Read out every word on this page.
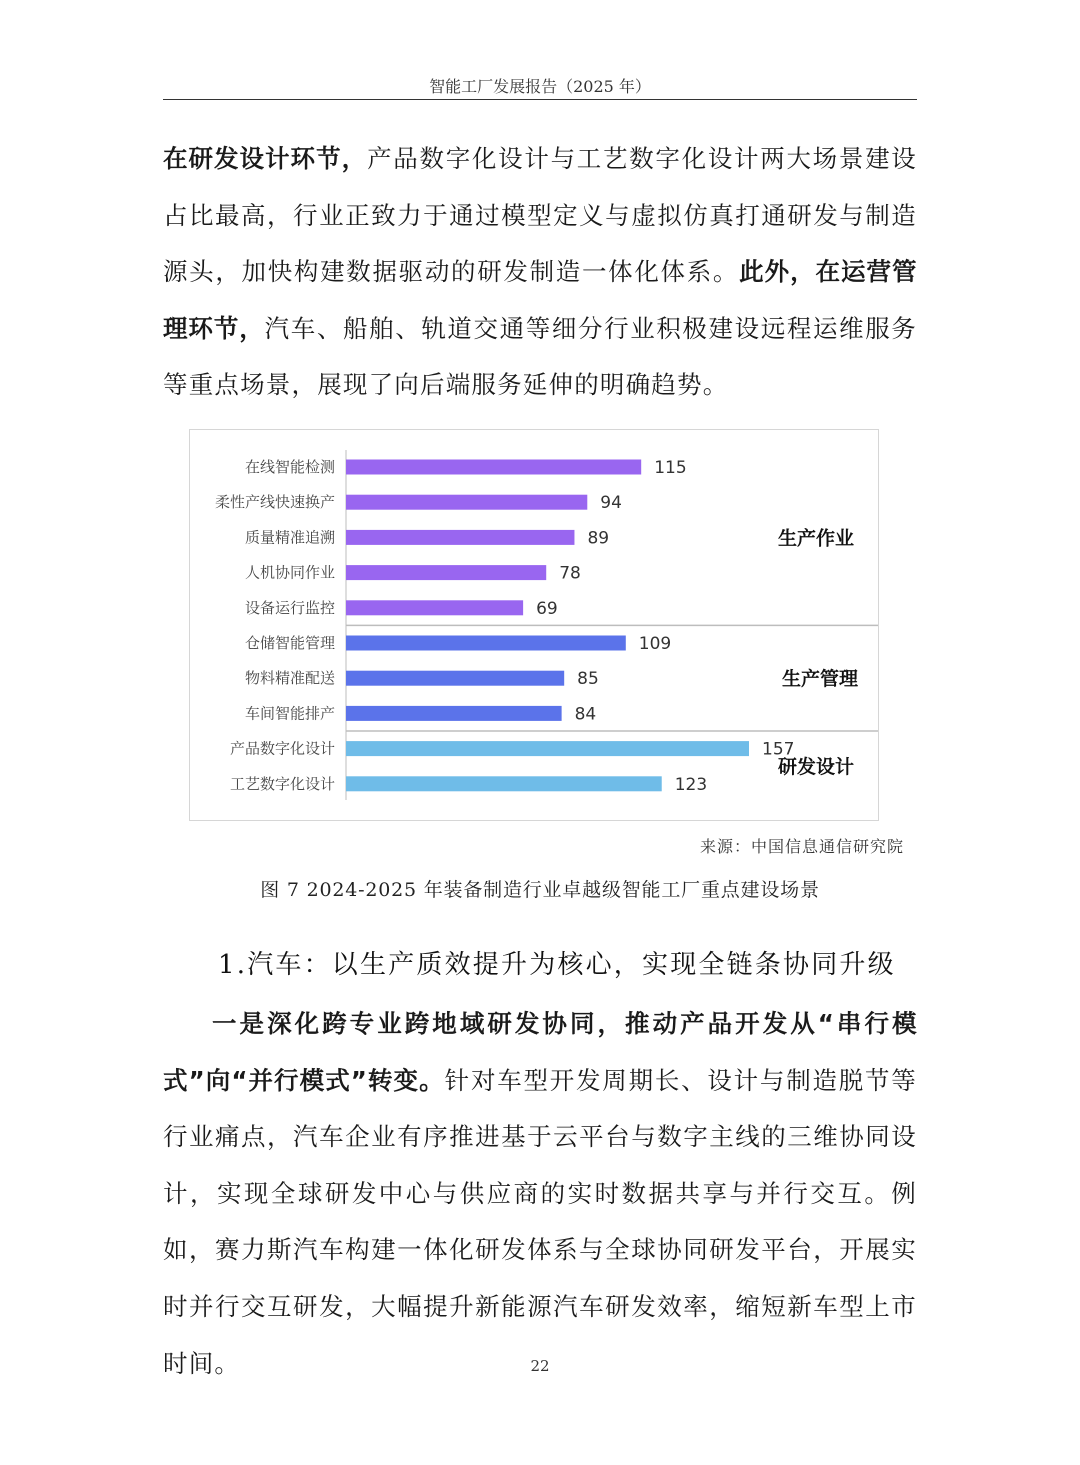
智能工厂发展报告（2025 年）

在研发设计环节，产品数字化设计与工艺数字化设计两大场景建设占比最高，行业正致力于通过模型定义与虚拟仿真打通研发与制造源头，加快构建数据驱动的研发制造一体化体系。此外，在运营管理环节，汽车、船舶、轨道交通等细分行业积极建设远程运维服务等重点场景，展现了向后端服务延伸的明确趋势。

在线智能检测	115
柔性产线快速换产	94
质量精准追溯	89
人机协同作业	78
设备运行监控	69
仓储智能管理	109
物料精准配送	85
车间智能排产	84
产品数字化设计	157
工艺数字化设计	123
生产作业
生产管理
研发设计
来源：中国信息通信研究院
图 7 2024-2025 年装备制造行业卓越级智能工厂重点建设场景
1.汽车：以生产质效提升为核心，实现全链条协同升级

一是深化跨专业跨地域研发协同，推动产品开发从“串行模式”向“并行模式”转变。针对车型开发周期长、设计与制造脱节等行业痛点，汽车企业有序推进基于云平台与数字主线的三维协同设计，实现全球研发中心与供应商的实时数据共享与并行交互。例如，赛力斯汽车构建一体化研发体系与全球协同研发平台，开展实时并行交互研发，大幅提升新能源汽车研发效率，缩短新车型上市时间。	22
